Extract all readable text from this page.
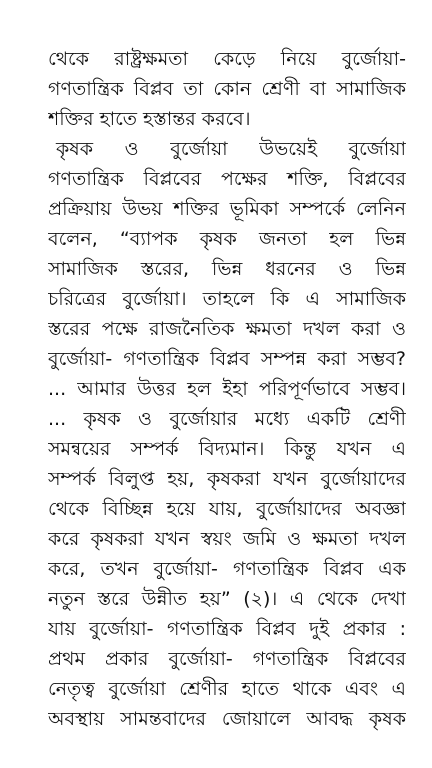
থেকে রাষ্ট্রক্ষমতা কেড়ে নিয়ে বুর্জোয়া-
গণতান্ত্রিক বিপ্লব তা কোন শ্রেণী বা সামাজিক
শক্তির হাতে হস্তান্তর করবে।
কৃষক ও বুর্জোয়া উভয়েই বুর্জোয়া
গণতান্ত্রিক বিপ্লবের পক্ষের শক্তি, বিপ্লবের
প্রক্রিয়ায় উভয় শক্তির ভূমিকা সম্পর্কে লেনিন
বলেন, “ব্যাপক কৃষক জনতা হল ভিন্ন
সামাজিক স্তরের, ভিন্ন ধরনের ও ভিন্ন
চরিত্রের বুর্জোয়া। তাহলে কি এ সামাজিক
স্তরের পক্ষে রাজনৈতিক ক্ষমতা দখল করা ও
বুর্জোয়া- গণতান্ত্রিক বিপ্লব সম্পন্ন করা সম্ভব?
... আমার উত্তর হল ইহা পরিপূর্ণভাবে সম্ভব।
... কৃষক ও বুর্জোয়ার মধ্যে একটি শ্রেণী
সমন্বয়ের সম্পর্ক বিদ্যমান। কিন্তু যখন এ
সম্পর্ক বিলুপ্ত হয়, কৃষকরা যখন বুর্জোয়াদের
থেকে বিচ্ছিন্ন হয়ে যায়, বুর্জোয়াদের অবজ্ঞা
করে কৃষকরা যখন স্বয়ং জমি ও ক্ষমতা দখল
করে, তখন বুর্জোয়া- গণতান্ত্রিক বিপ্লব এক
নতুন স্তরে উন্নীত হয়” (২)। এ থেকে দেখা
যায় বুর্জোয়া- গণতান্ত্রিক বিপ্লব দুই প্রকার :
প্রথম প্রকার বুর্জোয়া- গণতান্ত্রিক বিপ্লবের
নেতৃত্ব বুর্জোয়া শ্রেণীর হাতে থাকে এবং এ
অবস্থায় সামন্তবাদের জোয়ালে আবদ্ধ কৃষক
